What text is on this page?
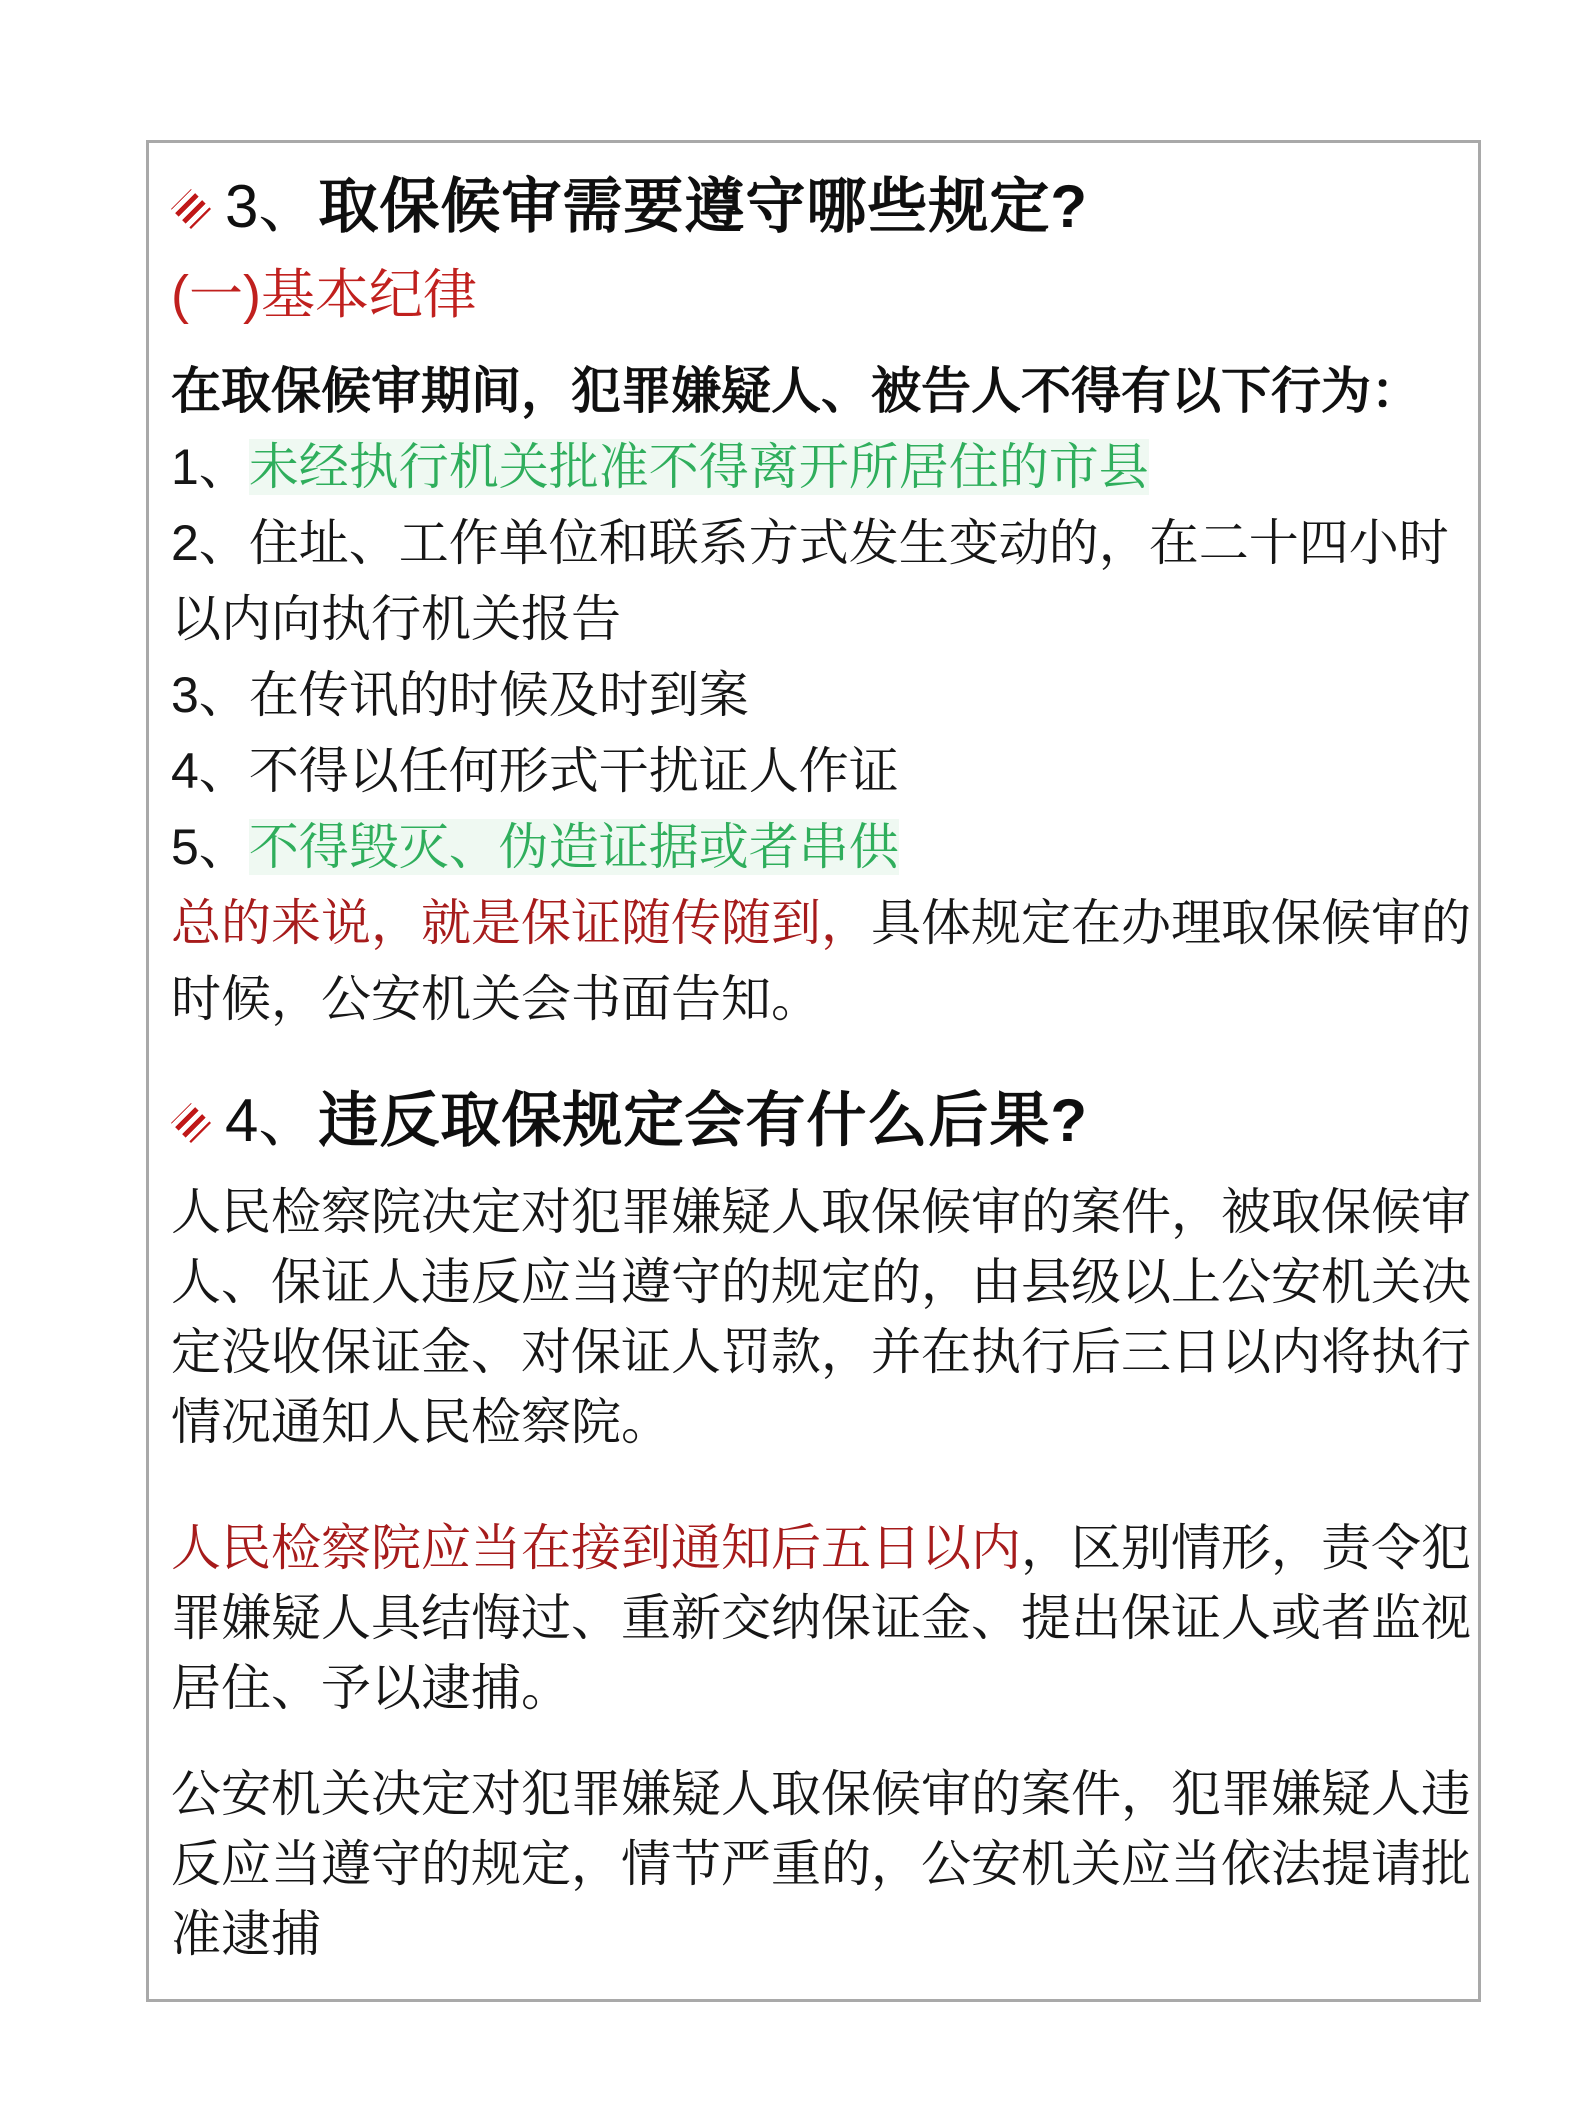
3、取保候审需要遵守哪些规定?
(一)基本纪律
在取保候审期间，犯罪嫌疑人、被告人不得有以下行为：
1、未经执行机关批准不得离开所居住的市县
2、住址、工作单位和联系方式发生变动的，在二十四小时以内向执行机关报告
3、在传讯的时候及时到案
4、不得以任何形式干扰证人作证
5、不得毁灭、伪造证据或者串供
总的来说，就是保证随传随到，具体规定在办理取保候审的时候，公安机关会书面告知。
4、违反取保规定会有什么后果?
人民检察院决定对犯罪嫌疑人取保候审的案件，被取保候审人、保证人违反应当遵守的规定的，由县级以上公安机关决定没收保证金、对保证人罚款，并在执行后三日以内将执行情况通知人民检察院。
人民检察院应当在接到通知后五日以内，区别情形，责令犯罪嫌疑人具结悔过、重新交纳保证金、提出保证人或者监视居住、予以逮捕。
公安机关决定对犯罪嫌疑人取保候审的案件，犯罪嫌疑人违反应当遵守的规定，情节严重的，公安机关应当依法提请批准逮捕
